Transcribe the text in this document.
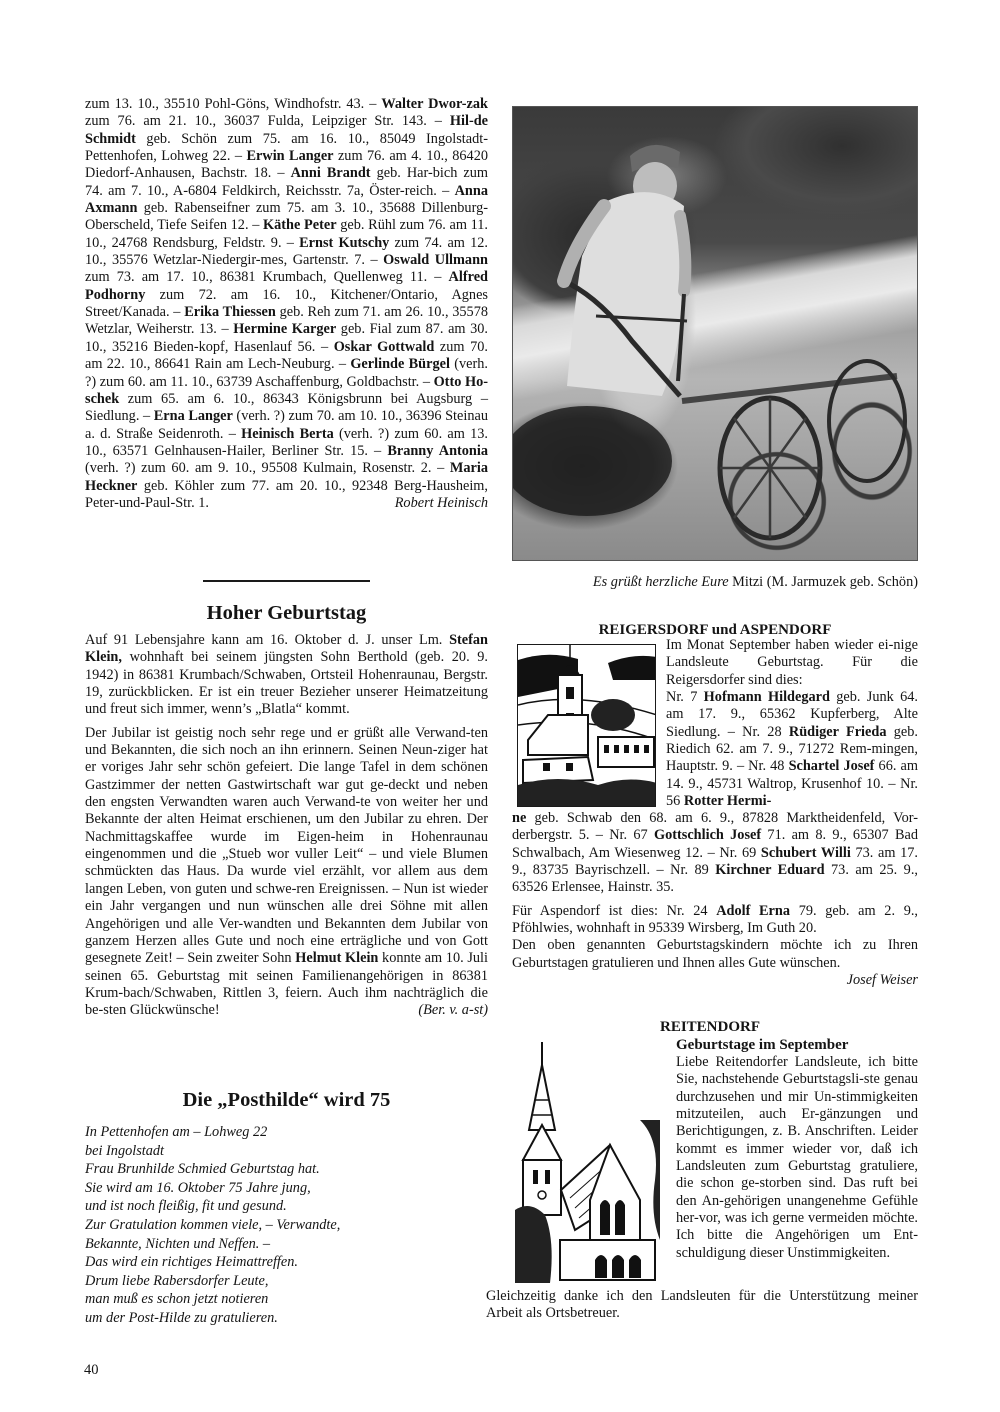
zum 13. 10., 35510 Pohl-Göns, Windhofstr. 43. – Walter Dwor-zak zum 76. am 21. 10., 36037 Fulda, Leipziger Str. 143. – Hil-de Schmidt geb. Schön zum 75. am 16. 10., 85049 Ingolstadt-Pettenhofen, Lohweg 22. – Erwin Langer zum 76. am 4. 10., 86420 Diedorf-Anhausen, Bachstr. 18. – Anni Brandt geb. Har-bich zum 74. am 7. 10., A-6804 Feldkirch, Reichsstr. 7a, Öster-reich. – Anna Axmann geb. Rabenseifner zum 75. am 3. 10., 35688 Dillenburg-Oberscheld, Tiefe Seifen 12. – Käthe Peter geb. Rühl zum 76. am 11. 10., 24768 Rendsburg, Feldstr. 9. – Ernst Kutschy zum 74. am 12. 10., 35576 Wetzlar-Niedergir-mes, Gartenstr. 7. – Oswald Ullmann zum 73. am 17. 10., 86381 Krumbach, Quellenweg 11. – Alfred Podhorny zum 72. am 16. 10., Kitchener/Ontario, Agnes Street/Kanada. – Erika Thiessen geb. Reh zum 71. am 26. 10., 35578 Wetzlar, Weiherstr. 13. – Hermine Karger geb. Fial zum 87. am 30. 10., 35216 Bieden-kopf, Hasenlauf 56. – Oskar Gottwald zum 70. am 22. 10., 86641 Rain am Lech-Neuburg. – Gerlinde Bürgel (verh. ?) zum 60. am 11. 10., 63739 Aschaffenburg, Goldbachstr. – Otto Ho-schek zum 65. am 6. 10., 86343 Königsbrunn bei Augsburg – Siedlung. – Erna Langer (verh. ?) zum 70. am 10. 10., 36396 Steinau a. d. Straße Seidenroth. – Heinisch Berta (verh. ?) zum 60. am 13. 10., 63571 Gelnhausen-Hailer, Berliner Str. 15. – Branny Antonia (verh. ?) zum 60. am 9. 10., 95508 Kulmain, Rosenstr. 2. – Maria Heckner geb. Köhler zum 77. am 20. 10., 92348 Berg-Hausheim, Peter-und-Paul-Str. 1.	Robert Heinisch
Hoher Geburtstag

Auf 91 Lebensjahre kann am 16. Oktober d. J. unser Lm. Stefan Klein, wohnhaft bei seinem jüngsten Sohn Berthold (geb. 20. 9. 1942) in 86381 Krumbach/Schwaben, Ortsteil Hohenraunau, Bergstr. 19, zurückblicken. Er ist ein treuer Bezieher unserer Heimatzeitung und freut sich immer, wenn’s „Blatla“ kommt.

Der Jubilar ist geistig noch sehr rege und er grüßt alle Verwand-ten und Bekannten, die sich noch an ihn erinnern. Seinen Neun-ziger hat er voriges Jahr sehr schön gefeiert. Die lange Tafel in dem schönen Gastzimmer der netten Gastwirtschaft war gut ge-deckt und neben den engsten Verwandten waren auch Verwand-te von weiter her und Bekannte der alten Heimat erschienen, um den Jubilar zu ehren. Der Nachmittagskaffee wurde im Eigen-heim in Hohenraunau eingenommen und die „Stueb wor vuller Leit“ – und viele Blumen schmückten das Haus. Da wurde viel erzählt, vor allem aus dem langen Leben, von guten und schwe-ren Ereignissen. – Nun ist wieder ein Jahr vergangen und nun wünschen alle drei Söhne mit allen Angehörigen und alle Ver-wandten und Bekannten dem Jubilar von ganzem Herzen alles Gute und noch eine erträgliche und von Gott gesegnete Zeit! – Sein zweiter Sohn Helmut Klein konnte am 10. Juli seinen 65. Geburtstag mit seinen Familienangehörigen in 86381 Krum-bach/Schwaben, Rittlen 3, feiern. Auch ihm nachträglich die be-sten Glückwünsche!	(Ber. v. a-st)

Die „Posthilde“ wird 75
In Pettenhofen am – Lohweg 22
bei Ingolstadt
Frau Brunhilde Schmied Geburtstag hat.
Sie wird am 16. Oktober 75 Jahre jung,
und ist noch fleißig, fit und gesund.
Zur Gratulation kommen viele, – Verwandte,
Bekannte, Nichten und Neffen. –
Das wird ein richtiges Heimattreffen.
Drum liebe Rabersdorfer Leute,
man muß es schon jetzt notieren
um der Post-Hilde zu gratulieren.
Es grüßt herzliche Eure Mitzi (M. Jarmuzek geb. Schön)
REIGERSDORF und ASPENDORF
Im Monat September haben wieder ei-nige Landsleute Geburtstag. Für die Reigersdorfer sind dies:
Nr. 7 Hofmann Hildegard geb. Junk 64. am 17. 9., 65362 Kupferberg, Alte Siedlung. – Nr. 28 Rüdiger Frieda geb. Riedich 62. am 7. 9., 71272 Rem-mingen, Hauptstr. 9. – Nr. 48 Schartel Josef 66. am 14. 9., 45731 Waltrop, Krusenhof 10. – Nr. 56 Rotter Hermi-

ne geb. Schwab den 68. am 6. 9., 87828 Marktheidenfeld, Vor-derbergstr. 5. – Nr. 67 Gottschlich Josef 71. am 8. 9., 65307 Bad Schwalbach, Am Wiesenweg 12. – Nr. 69 Schubert Willi 73. am 17. 9., 83735 Bayrischzell. – Nr. 89 Kirchner Eduard 73. am 25. 9., 63526 Erlensee, Hainstr. 35.

Für Aspendorf ist dies: Nr. 24 Adolf Erna 79. geb. am 2. 9., Pföhlwies, wohnhaft in 95339 Wirsberg, Im Guth 20.

Den oben genannten Geburtstagskindern möchte ich zu Ihren Geburtstagen gratulieren und Ihnen alles Gute wünschen.

Josef Weiser

REITENDORF
Geburtstage im September
Liebe Reitendorfer Landsleute, ich bitte Sie, nachstehende Geburtstagsli-ste genau durchzusehen und mir Un-stimmigkeiten mitzuteilen, auch Er-gänzungen und Berichtigungen, z. B. Anschriften. Leider kommt es immer wieder vor, daß ich Landsleuten zum Geburtstag gratuliere, die schon ge-storben sind. Das ruft bei den An-gehörigen unangenehme Gefühle her-vor, was ich gerne vermeiden möchte. Ich bitte die Angehörigen um Ent-schuldigung dieser Unstimmigkeiten.
Gleichzeitig danke ich den Landsleuten für die Unterstützung meiner Arbeit als Ortsbetreuer.
40
